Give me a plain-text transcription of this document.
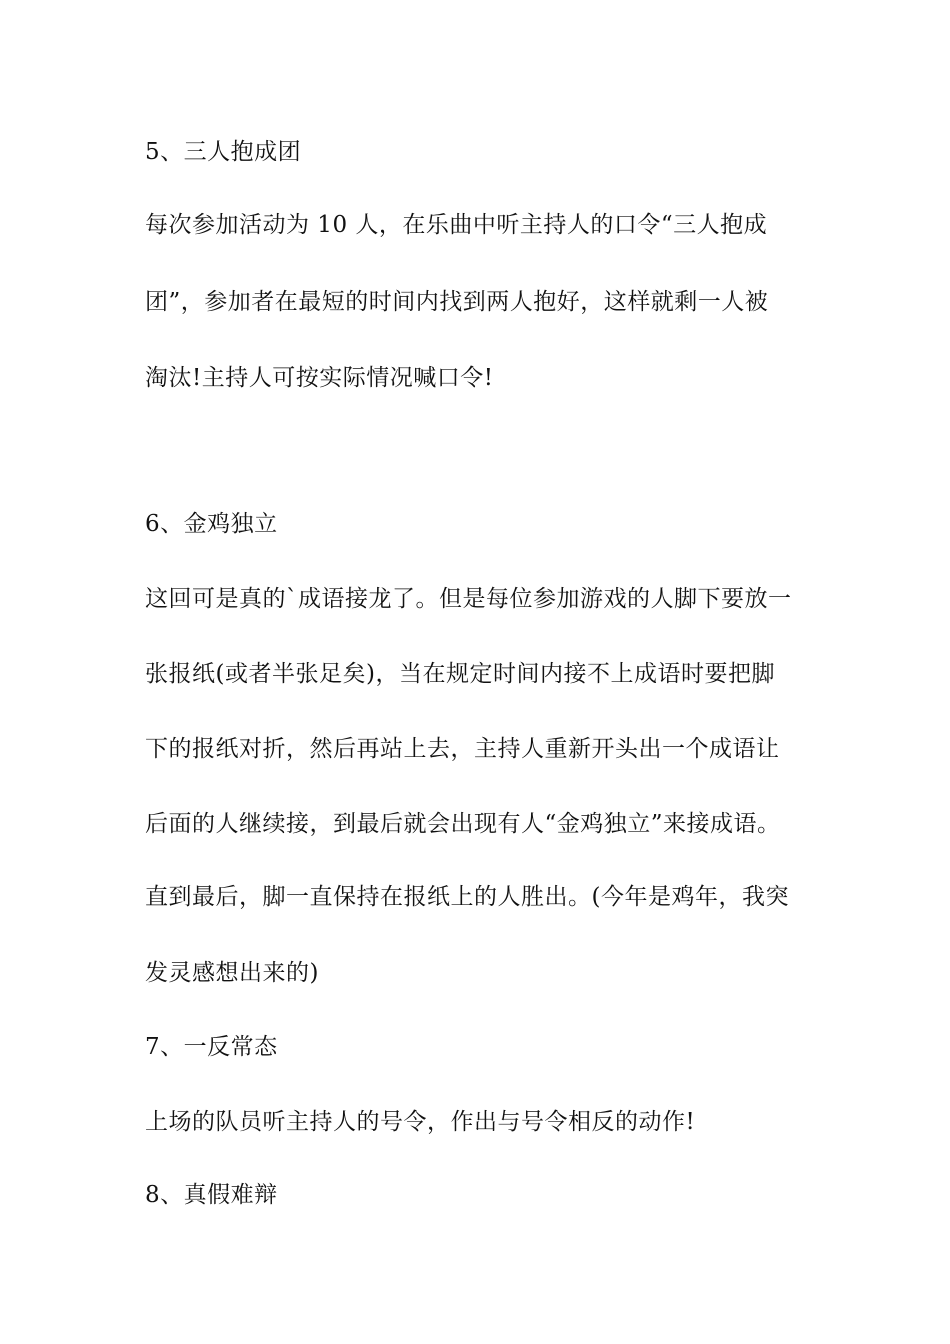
5、三人抱成团
每次参加活动为 10 人，在乐曲中听主持人的口令“三人抱成
团”，参加者在最短的时间内找到两人抱好，这样就剩一人被
淘汰!主持人可按实际情况喊口令!
6、金鸡独立
这回可是真的`成语接龙了。但是每位参加游戏的人脚下要放一
张报纸(或者半张足矣)，当在规定时间内接不上成语时要把脚
下的报纸对折，然后再站上去，主持人重新开头出一个成语让
后面的人继续接，到最后就会出现有人“金鸡独立”来接成语。
直到最后，脚一直保持在报纸上的人胜出。(今年是鸡年，我突
发灵感想出来的)
7、一反常态
上场的队员听主持人的号令，作出与号令相反的动作!
8、真假难辩
